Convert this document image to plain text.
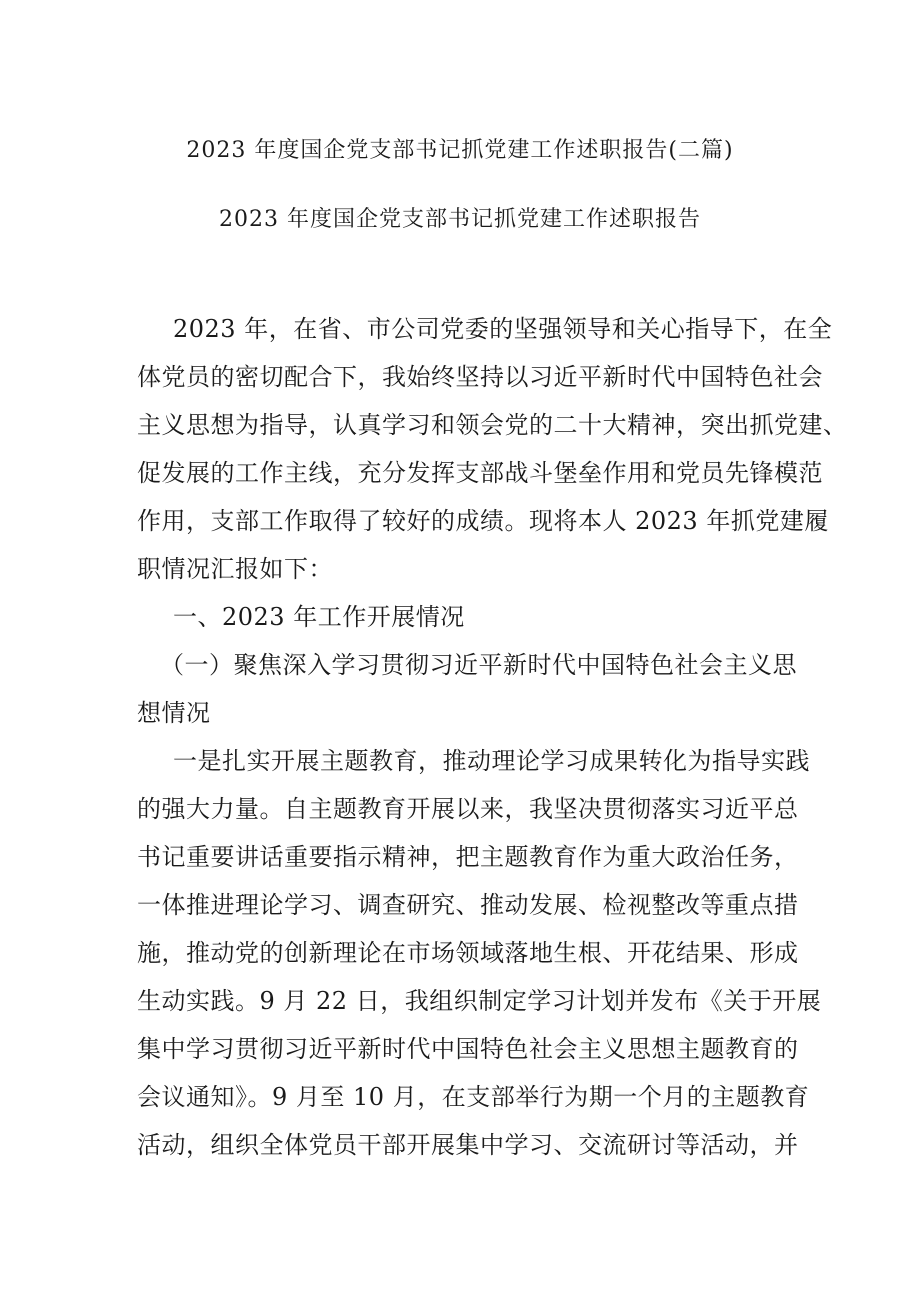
2023 年度国企党支部书记抓党建工作述职报告(二篇)
2023 年度国企党支部书记抓党建工作述职报告
2023 年，在省、市公司党委的坚强领导和关心指导下，在全
体党员的密切配合下，我始终坚持以习近平新时代中国特色社会
主义思想为指导，认真学习和领会党的二十大精神，突出抓党建、
促发展的工作主线，充分发挥支部战斗堡垒作用和党员先锋模范
作用，支部工作取得了较好的成绩。现将本人 2023 年抓党建履
职情况汇报如下：
一、2023 年工作开展情况
（一）聚焦深入学习贯彻习近平新时代中国特色社会主义思
想情况
一是扎实开展主题教育，推动理论学习成果转化为指导实践
的强大力量。自主题教育开展以来，我坚决贯彻落实习近平总
书记重要讲话重要指示精神，把主题教育作为重大政治任务，
一体推进理论学习、调查研究、推动发展、检视整改等重点措
施，推动党的创新理论在市场领域落地生根、开花结果、形成
生动实践。9 月 22 日，我组织制定学习计划并发布《关于开展
集中学习贯彻习近平新时代中国特色社会主义思想主题教育的
会议通知》。9 月至 10 月，在支部举行为期一个月的主题教育
活动，组织全体党员干部开展集中学习、交流研讨等活动，并
